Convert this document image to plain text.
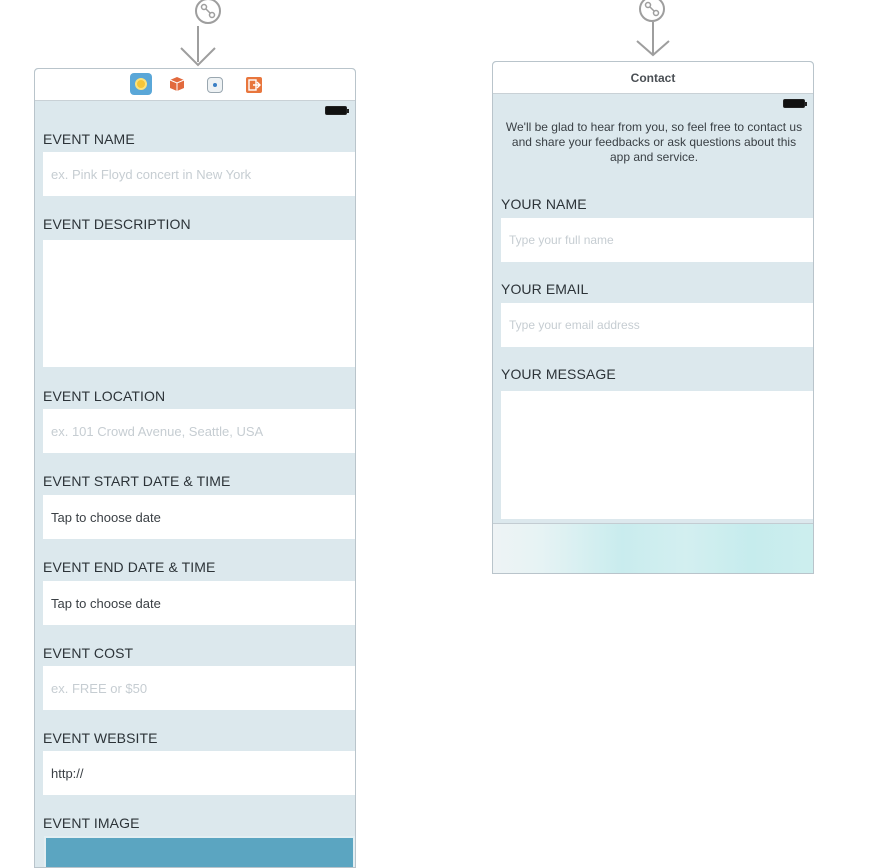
EVENT NAME
ex. Pink Floyd concert in New York
EVENT DESCRIPTION
EVENT LOCATION
ex. 101 Crowd Avenue, Seattle, USA
EVENT START DATE & TIME
Tap to choose date
EVENT END DATE & TIME
Tap to choose date
EVENT COST
ex. FREE or $50
EVENT WEBSITE
http://
EVENT IMAGE
Contact
We'll be glad to hear from you, so feel free to contact us and share your feedbacks or ask questions about this app and service.
YOUR NAME
Type your full name
YOUR EMAIL
Type your email address
YOUR MESSAGE
